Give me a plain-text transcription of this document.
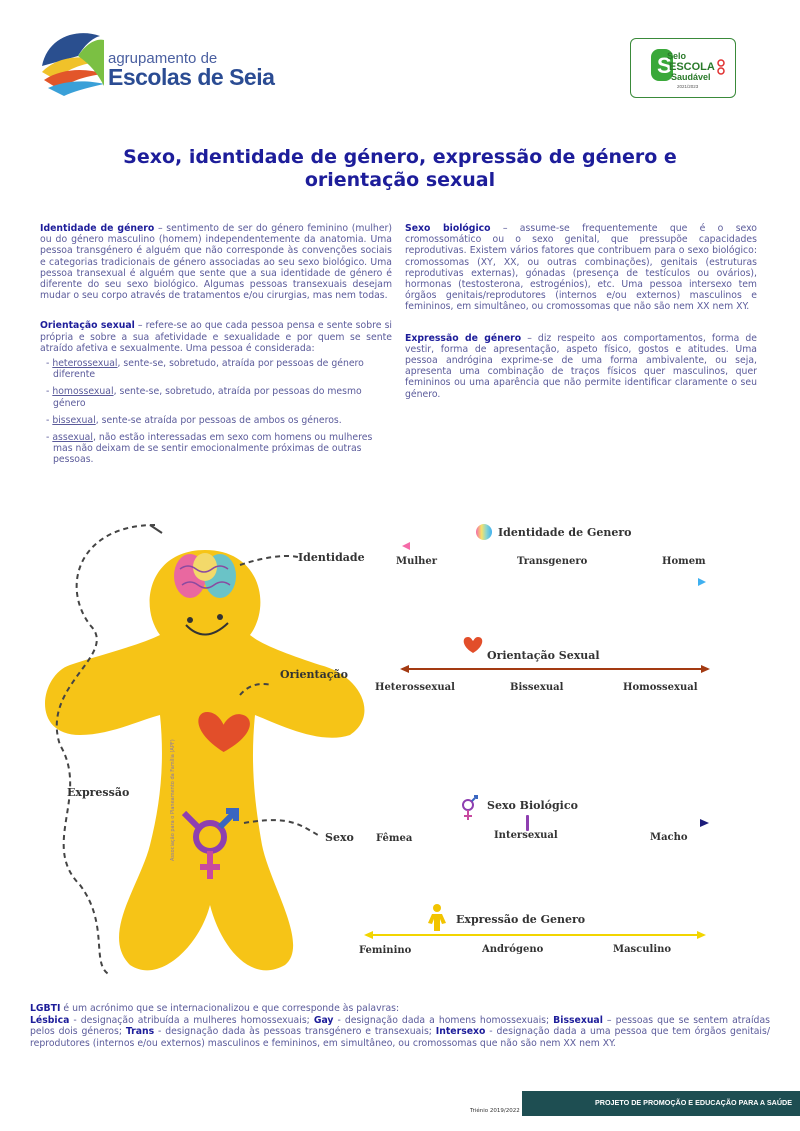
agrupamento de
Escolas de Seia	S
Selo
ESCOLA
Saudável
2021/2023
Sexo, identidade de género, expressão de género e orientação sexual

Identidade de género – sentimento de ser do género feminino (mulher) ou do género masculino (homem) independentemente da anatomia. Uma pessoa transgénero é alguém que não corresponde às convenções sociais e categorias tradicionais de género associadas ao seu sexo biológico. Uma pessoa transexual é alguém que sente que a sua identidade de género é diferente do seu sexo biológico. Algumas pessoas transexuais desejam mudar o seu corpo através de tratamentos e/ou cirurgias, mas nem todas.

Orientação sexual – refere-se ao que cada pessoa pensa e sente sobre si própria e sobre a sua afetividade e sexualidade e por quem se sente atraído afetiva e sexualmente. Uma pessoa é considerada:

- heterossexual, sente-se, sobretudo, atraída por pessoas de género diferente
- homossexual, sente-se, sobretudo, atraída por pessoas do mesmo género
- bissexual, sente-se atraída por pessoas de ambos os géneros.
- assexual, não estão interessadas em sexo com homens ou mulheres mas não deixam de se sentir emocionalmente próximas de outras pessoas.

Sexo biológico – assume-se frequentemente que é o sexo cromossomático ou o sexo genital, que pressupõe capacidades reprodutivas. Existem vários fatores que contribuem para o sexo biológico: cromossomas (XY, XX, ou outras combinações), genitais (estruturas reprodutivas externas), gónadas (presença de testículos ou ovários), hormonas (testosterona, estrogénios), etc. Uma pessoa intersexo tem órgãos genitais/reprodutores (internos e/ou externos) masculinos e femininos, em simultâneo, ou cromossomas que não são nem XX nem XY.

Expressão de género – diz respeito aos comportamentos, forma de vestir, forma de apresentação, aspeto físico, gostos e atitudes. Uma pessoa andrógina exprime-se de uma forma ambivalente, ou seja, apresenta uma combinação de traços físicos quer masculinos, quer femininos ou uma aparência que não permite identificar claramente o seu género.

Associação para o Planeamento da Família (APF)
Identidade
Orientação
Expressão
Sexo
Identidade de Genero
Mulher	Transgenero	Homem
Orientação Sexual
Heterossexual	Bissexual	Homossexual
Sexo Biológico
Fêmea	Intersexual	Macho
Expressão de Genero
Feminino	Andrógeno	Masculino
LGBTI é um acrónimo que se internacionalizou e que corresponde às palavras:
Lésbica - designação atribuída a mulheres homossexuais; Gay - designação dada a homens homossexuais; Bissexual – pessoas que se sentem atraídas pelos dois géneros; Trans - designação dada às pessoas transgénero e transexuais; Intersexo - designação dada a uma pessoa que tem órgãos genitais/ reprodutores (internos e/ou externos) masculinos e femininos, em simultâneo, ou cromossomas que não são nem XX nem XY.
Triénio 2019/2022
PROJETO DE PROMOÇÃO E EDUCAÇÃO PARA A SAÚDE
